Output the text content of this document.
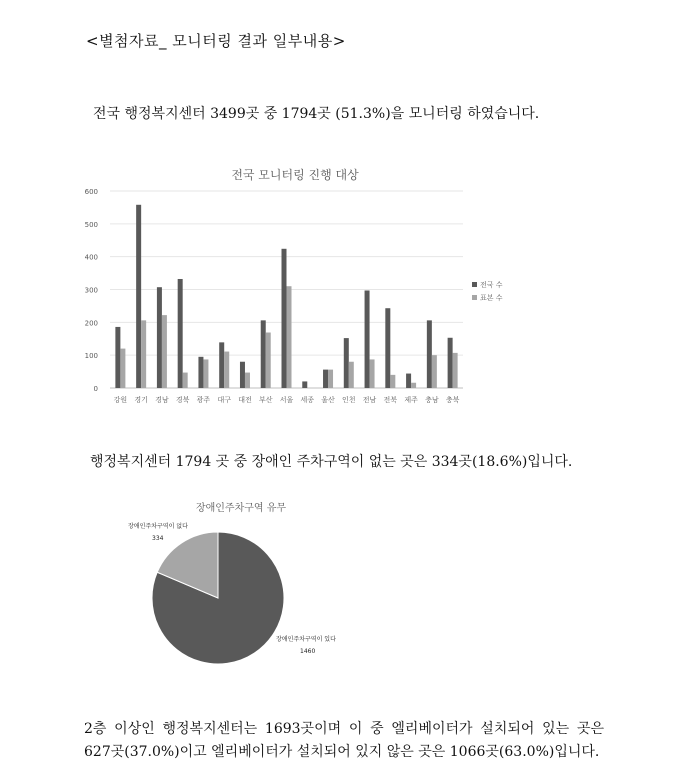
<별첨자료_ 모니터링 결과 일부내용>
전국 행정복지센터 3499곳 중 1794곳 (51.3%)을 모니터링 하였습니다.
전국 모니터링 진행 대상
0
100
200
300
400
500
600
강원 경기 경남 경북 광주 대구 대전 부산 서울 세종 울산 인천 전남 전북 제주 충남 충북
전국 수
표본 수
행정복지센터 1794 곳 중 장애인 주차구역이 없는 곳은 334곳(18.6%)입니다.
장애인주차구역 유무
장애인주차구역이 없다
334
장애인주차구역이 있다
1460
2층 이상인 행정복지센터는 1693곳이며 이 중 엘리베이터가 설치되어 있는 곳은
627곳(37.0%)이고 엘리베이터가 설치되어 있지 않은 곳은 1066곳(63.0%)입니다.
